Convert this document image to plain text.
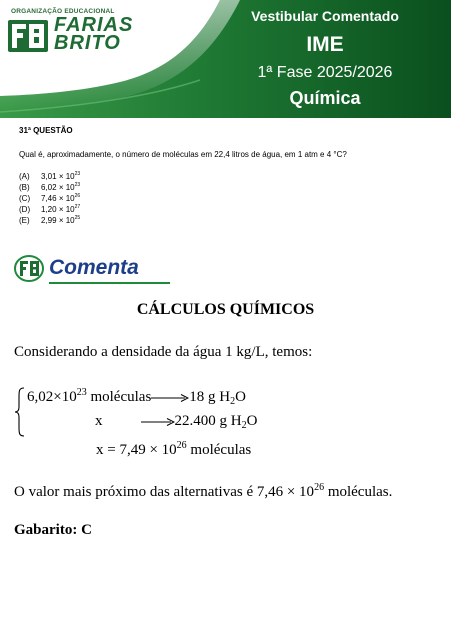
ORGANIZAÇÃO EDUCACIONAL
FARIAS
BRITO
Vestibular Comentado
IME
1ª Fase 2025/2026
Química
31ª QUESTÃO
Qual é, aproximadamente, o número de moléculas em 22,4 litros de água, em 1 atm e 4 °C?
(A) $3,01 \times 10^{23}$
(B) $6,02 \times 10^{23}$
(C) $7,46 \times 10^{26}$
(D) $1,20 \times 10^{27}$
(E) $2,99 \times 10^{25}$
Comenta
CÁLCULOS QUÍMICOS
Considerando a densidade da água 1 kg/L, temos:
$6,02\times 10^{23}$ moléculas	18 g $H_2O$
x	22.400 g $H_2O$
$x = 7,49 \times 10^{26}$ moléculas
O valor mais próximo das alternativas é $7,46 \times 10^{26}$ moléculas.
Gabarito: C
